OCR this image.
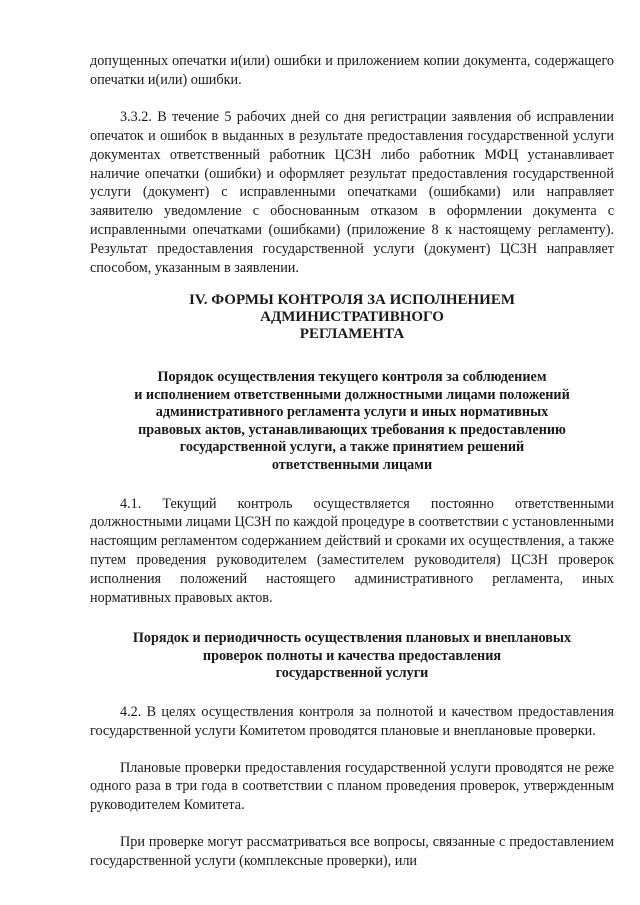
допущенных опечатки и(или) ошибки и приложением копии документа, содержащего опечатки и(или) ошибки.

3.3.2. В течение 5 рабочих дней со дня регистрации заявления об исправлении опечаток и ошибок в выданных в результате предоставления государственной услуги документах ответственный работник ЦСЗН либо работник МФЦ устанавливает наличие опечатки (ошибки) и оформляет результат предоставления государственной услуги (документ) с исправленными опечатками (ошибками) или направляет заявителю уведомление с обоснованным отказом в оформлении документа с исправленными опечатками (ошибками) (приложение 8 к настоящему регламенту). Результат предоставления государственной услуги (документ) ЦСЗН направляет способом, указанным в заявлении.

IV. ФОРМЫ КОНТРОЛЯ ЗА ИСПОЛНЕНИЕМ
АДМИНИСТРАТИВНОГО
РЕГЛАМЕНТА
Порядок осуществления текущего контроля за соблюдением
и исполнением ответственными должностными лицами положений
административного регламента услуги и иных нормативных
правовых актов, устанавливающих требования к предоставлению
государственной услуги, а также принятием решений
ответственными лицами

4.1. Текущий контроль осуществляется постоянно ответственными должностными лицами ЦСЗН по каждой процедуре в соответствии с установленными настоящим регламентом содержанием действий и сроками их осуществления, а также путем проведения руководителем (заместителем руководителя) ЦСЗН проверок исполнения положений настоящего административного регламента, иных нормативных правовых актов.

Порядок и периодичность осуществления плановых и внеплановых
проверок полноты и качества предоставления
государственной услуги

4.2. В целях осуществления контроля за полнотой и качеством предоставления государственной услуги Комитетом проводятся плановые и внеплановые проверки.

Плановые проверки предоставления государственной услуги проводятся не реже одного раза в три года в соответствии с планом проведения проверок, утвержденным руководителем Комитета.

При проверке могут рассматриваться все вопросы, связанные с предоставлением государственной услуги (комплексные проверки), или
